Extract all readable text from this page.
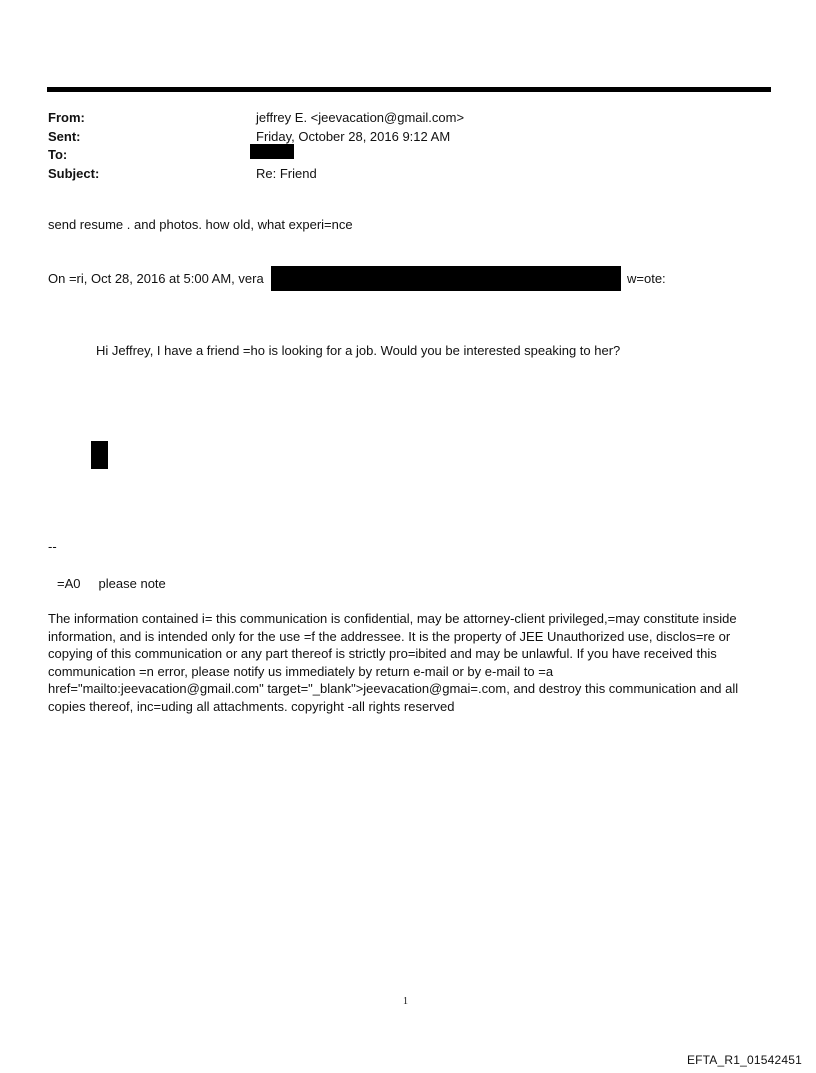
From:	jeffrey E. <jeevacation@gmail.com>
Sent:	Friday, October 28, 2016 9:12 AM
To:
Subject:	Re: Friend
send resume . and photos. how old, what experi=nce
On =ri, Oct 28, 2016 at 5:00 AM, vera	w=ote:
Hi Jeffrey, I have a friend =ho is looking for a job. Would you be interested speaking to her?
--
=A0     please note
The information contained i= this communication is confidential, may be attorney-client privileged,=may constitute inside information, and is intended only for the use =f the addressee. It is the property of JEE Unauthorized use, disclos=re or copying of this communication or any part thereof is strictly pro=ibited and may be unlawful. If you have received this communication =n error, please notify us immediately by return e-mail or by e-mail to =a href="mailto:jeevacation@gmail.com" target="_blank">jeevacation@gmai=.com, and destroy this communication and all copies thereof, inc=uding all attachments. copyright -all rights reserved
1
EFTA_R1_01542451
